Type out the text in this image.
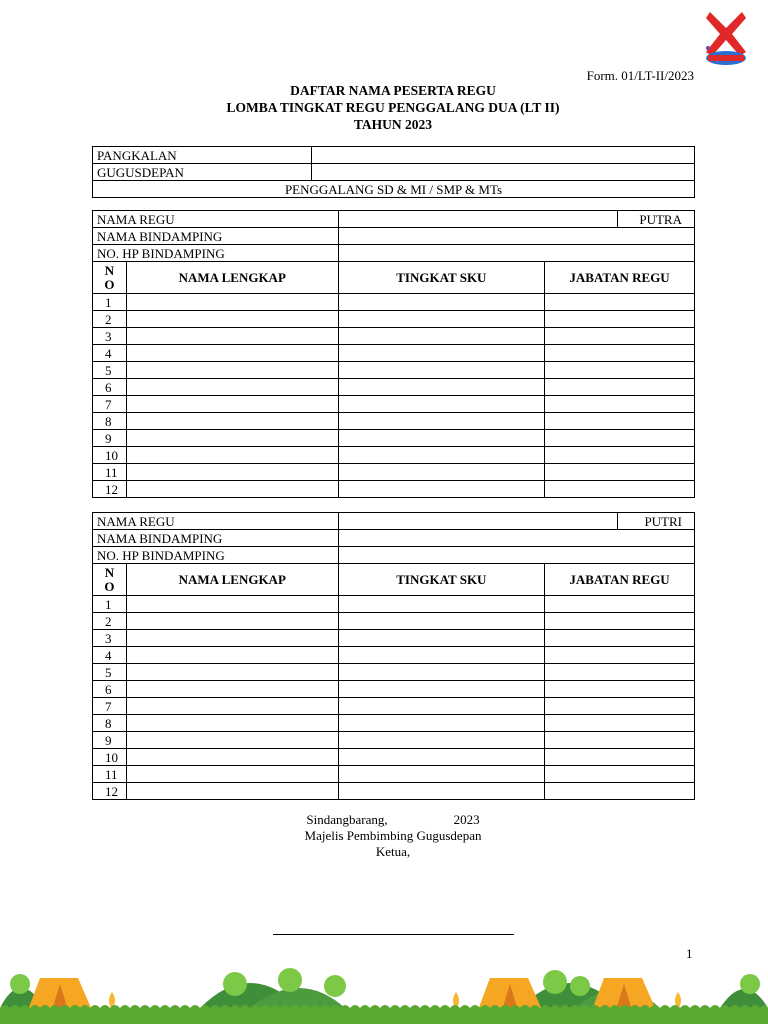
Form. 01/LT-II/2023
DAFTAR NAMA PESERTA REGU
LOMBA TINGKAT REGU PENGGALANG DUA (LT II)
TAHUN 2023
PANGKALAN	
GUGUSDEPAN	
PENGGALANG SD & MI / SMP & MTs	
NAMA REGU				PUTRA
NAMA BINDAMPING				
NO. HP BINDAMPING				
N
O	NAMA LENGKAP	TINGKAT SKU	JABATAN REGU	
1				
2				
3				
4				
5				
6				
7				
8				
9				
10				
11				
12				
NAMA REGU				PUTRI
NAMA BINDAMPING				
NO. HP BINDAMPING				
N
O	NAMA LENGKAP	TINGKAT SKU	JABATAN REGU	
1				
2				
3				
4				
5				
6				
7				
8				
9				
10				
11				
12				
Sindangbarang,	2023
Majelis Pembimbing Gugusdepan
Ketua,
1
